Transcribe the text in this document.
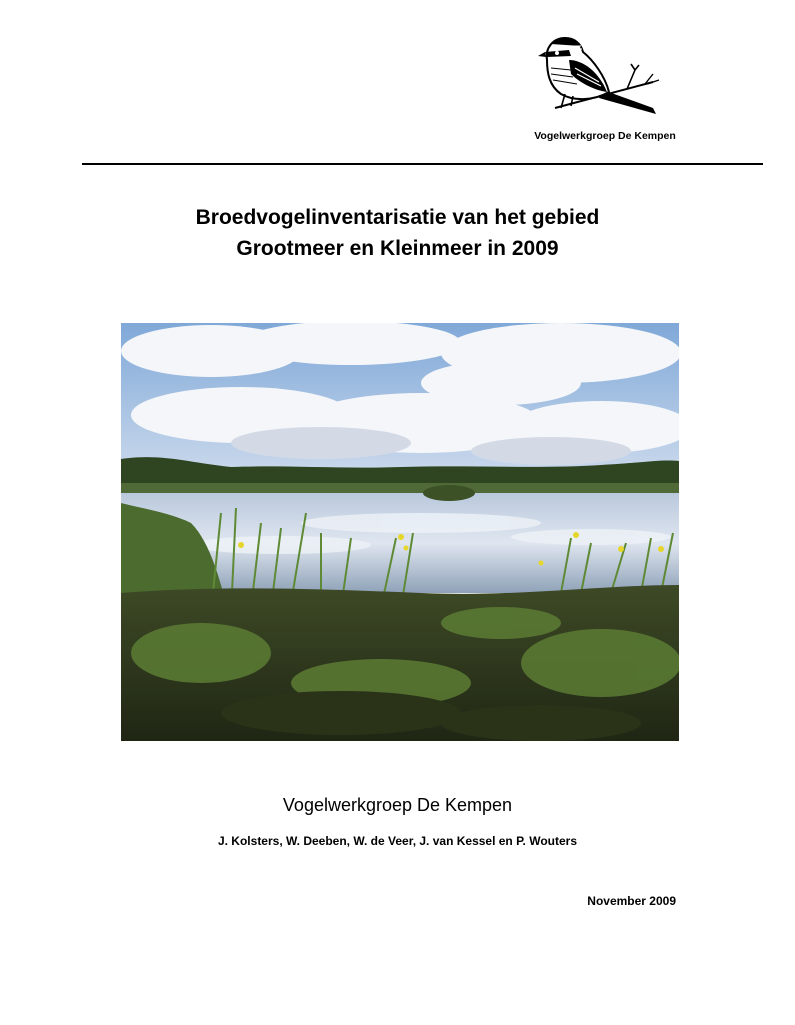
Vogelwerkgroep De Kempen
Broedvogelinventarisatie van het gebied
Grootmeer en Kleinmeer in 2009
Vogelwerkgroep De Kempen
J. Kolsters, W. Deeben, W. de Veer, J. van Kessel en P. Wouters
November 2009
